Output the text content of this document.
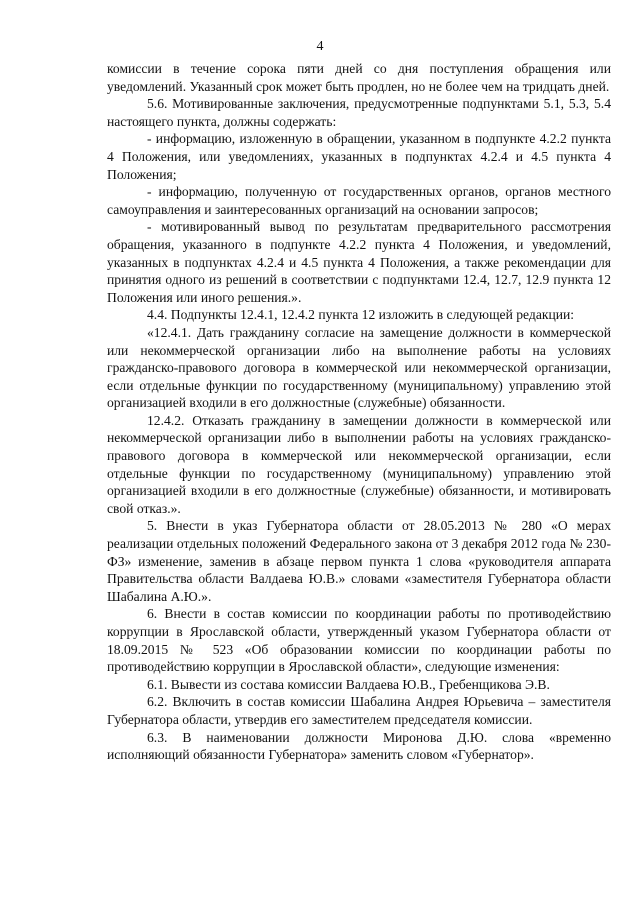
4

комиссии в течение сорока пяти дней со дня поступления обращения или уведомлений. Указанный срок может быть продлен, но не более чем на тридцать дней.

5.6. Мотивированные заключения, предусмотренные подпунктами 5.1, 5.3, 5.4 настоящего пункта, должны содержать:

- информацию, изложенную в обращении, указанном в подпункте 4.2.2 пункта 4 Положения, или уведомлениях, указанных в подпунктах 4.2.4 и 4.5 пункта 4 Положения;

- информацию, полученную от государственных органов, органов местного самоуправления и заинтересованных организаций на основании запросов;

- мотивированный вывод по результатам предварительного рассмотрения обращения, указанного в подпункте 4.2.2 пункта 4 Положения, и уведомлений, указанных в подпунктах 4.2.4 и 4.5 пункта 4 Положения, а также рекомендации для принятия одного из решений в соответствии с подпунктами 12.4, 12.7, 12.9 пункта 12 Положения или иного решения.».

4.4. Подпункты 12.4.1, 12.4.2 пункта 12 изложить в следующей редакции:

«12.4.1. Дать гражданину согласие на замещение должности в коммерческой или некоммерческой организации либо на выполнение работы на условиях гражданско-правового договора в коммерческой или некоммерческой организации, если отдельные функции по государственному (муниципальному) управлению этой организацией входили в его должностные (служебные) обязанности.

12.4.2. Отказать гражданину в замещении должности в коммерческой или некоммерческой организации либо в выполнении работы на условиях гражданско-правового договора в коммерческой или некоммерческой организации, если отдельные функции по государственному (муниципальному) управлению этой организацией входили в его должностные (служебные) обязанности, и мотивировать свой отказ.».

5. Внести в указ Губернатора области от 28.05.2013 № 280 «О мерах реализации отдельных положений Федерального закона от 3 декабря 2012 года № 230-ФЗ» изменение, заменив в абзаце первом пункта 1 слова «руководителя аппарата Правительства области Валдаева Ю.В.» словами «заместителя Губернатора области Шабалина А.Ю.».

6. Внести в состав комиссии по координации работы по противодействию коррупции в Ярославской области, утвержденный указом Губернатора области от 18.09.2015 № 523 «Об образовании комиссии по координации работы по противодействию коррупции в Ярославской области», следующие изменения:

6.1. Вывести из состава комиссии Валдаева Ю.В., Гребенщикова Э.В.

6.2. Включить в состав комиссии Шабалина Андрея Юрьевича – заместителя Губернатора области, утвердив его заместителем председателя комиссии.

6.3. В наименовании должности Миронова Д.Ю. слова «временно исполняющий обязанности Губернатора» заменить словом «Губернатор».
